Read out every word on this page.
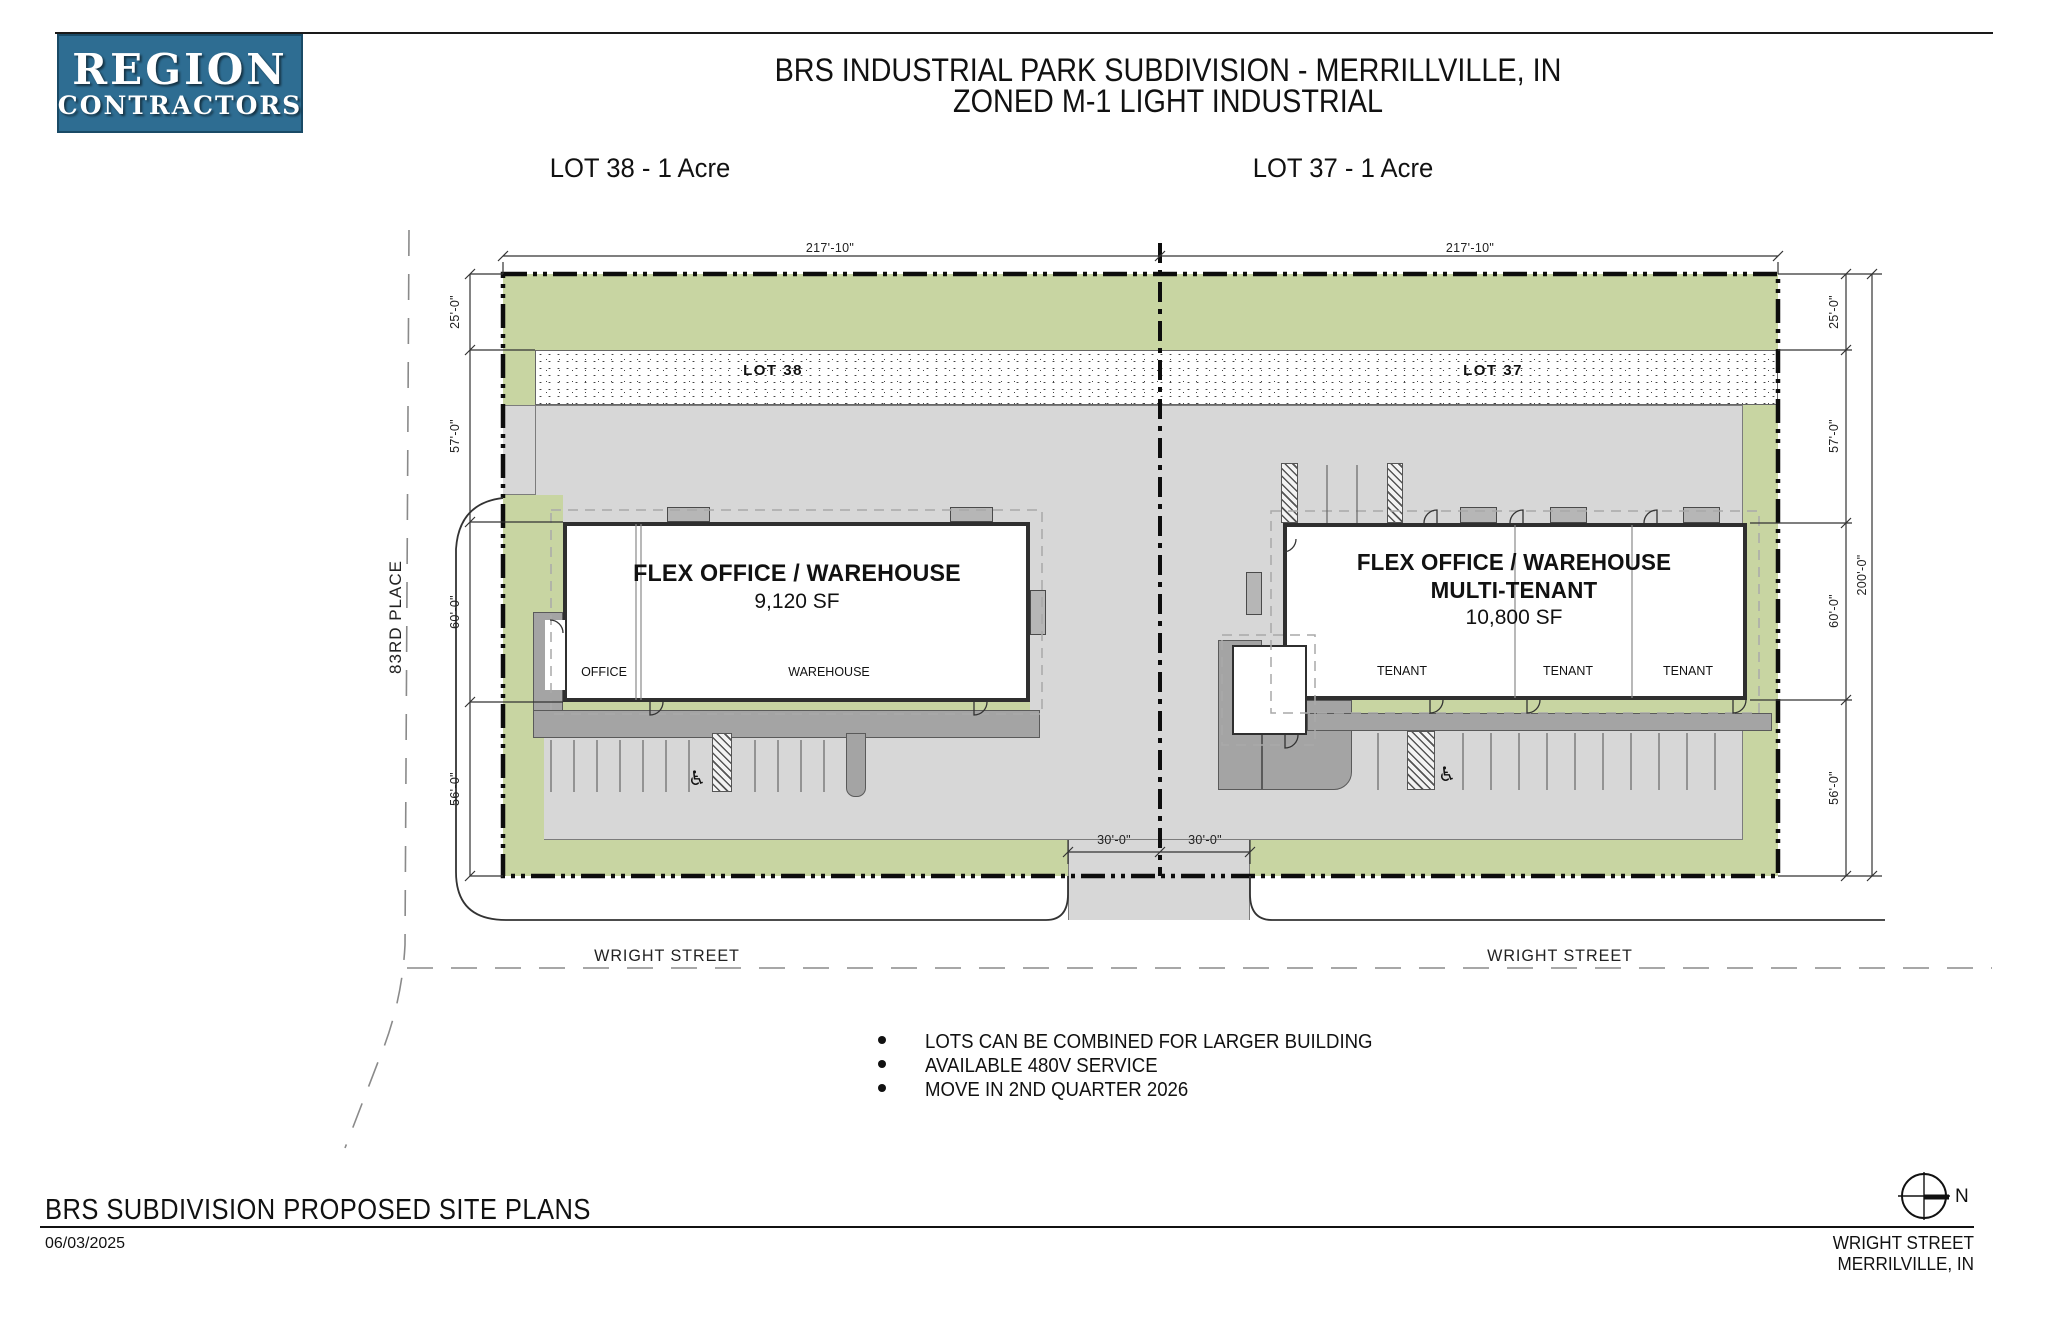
REGION
CONTRACTORS
BRS INDUSTRIAL PARK SUBDIVISION - MERRILLVILLE, IN
ZONED M-1 LIGHT INDUSTRIAL
LOT 38 - 1 Acre	LOT 37 - 1 Acre
217'-10"	217'-10"
25'-0"
57'-0"
60'-0"
56'-0"
25'-0"
57'-0"
60'-0"
56'-0"
200'-0"
30'-0"	30'-0"
LOT 38	LOT 37
FLEX OFFICE / WAREHOUSE
9,120 SF
OFFICE	WAREHOUSE
FLEX OFFICE / WAREHOUSE
MULTI-TENANT
10,800 SF
TENANT	TENANT	TENANT
♿	♿
WRIGHT STREET	WRIGHT STREET
83RD PLACE
LOTS CAN BE COMBINED FOR LARGER BUILDING
AVAILABLE 480V SERVICE
MOVE IN 2ND QUARTER 2026
BRS SUBDIVISION PROPOSED SITE PLANS
06/03/2025
N
WRIGHT STREET
MERRILVILLE, IN
